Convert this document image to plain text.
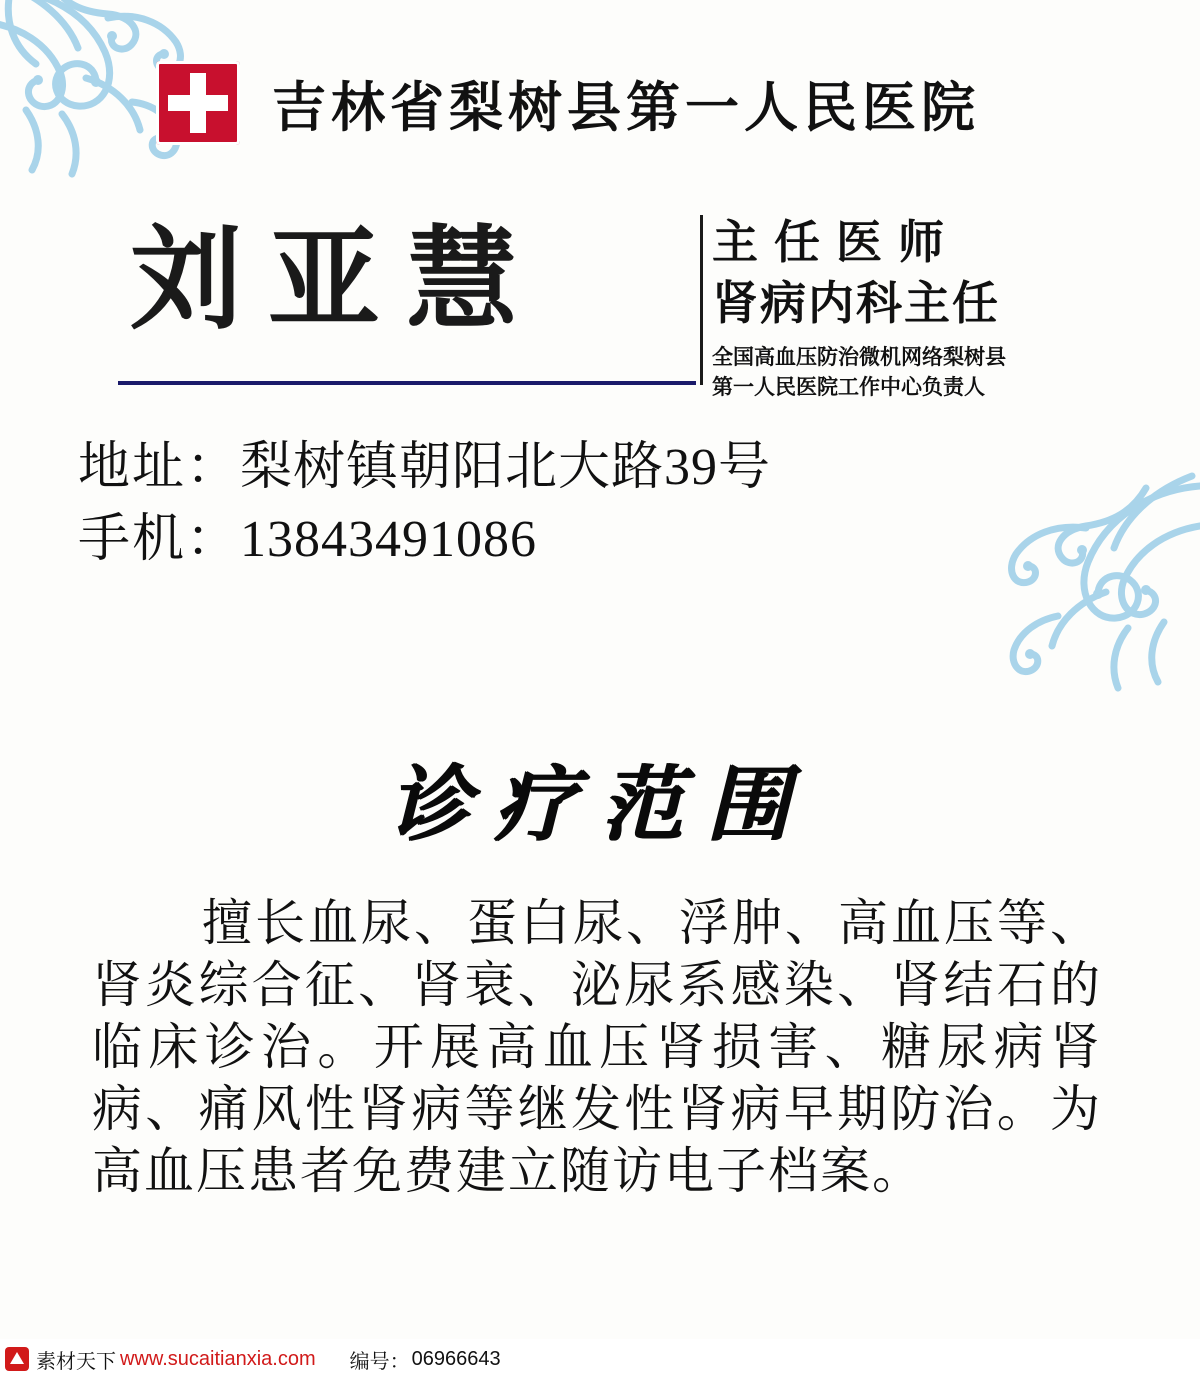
吉林省梨树县第一人民医院
刘亚慧	主任医师
肾病内科主任
全国高血压防治微机网络梨树县
第一人民医院工作中心负责人
地址：梨树镇朝阳北大路39号
手机：13843491086
诊疗范围
擅长血尿、蛋白尿、浮肿、高血压等、肾炎综合征、肾衰、泌尿系感染、肾结石的临床诊治。开展高血压肾损害、糖尿病肾病、痛风性肾病等继发性肾病早期防治。为高血压患者免费建立随访电子档案。
素材天下 www.sucaitianxia.com 编号： 06966643
